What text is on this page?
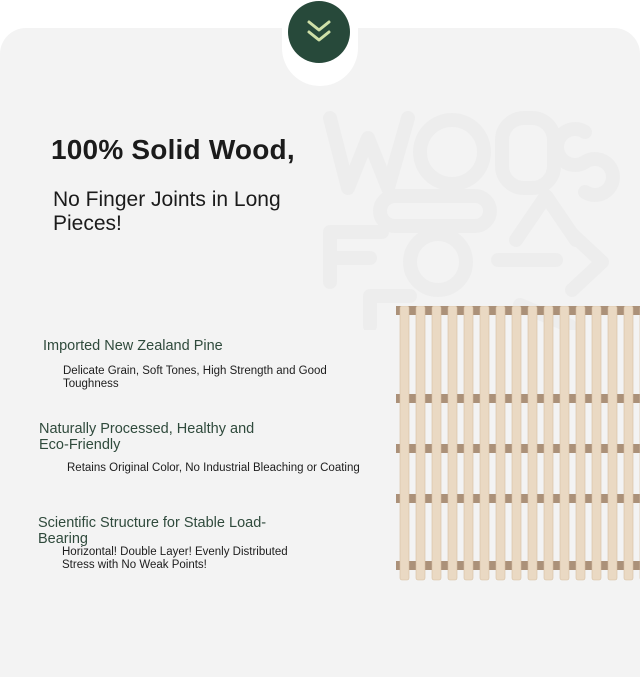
100% Solid Wood,
No Finger Joints in Long Pieces!

Imported New Zealand Pine

Delicate Grain, Soft Tones, High Strength and Good Toughness

Naturally Processed, Healthy and Eco-Friendly

Retains Original Color, No Industrial Bleaching or Coating

Scientific Structure for Stable Load-Bearing

Horizontal! Double Layer! Evenly Distributed Stress with No Weak Points!
